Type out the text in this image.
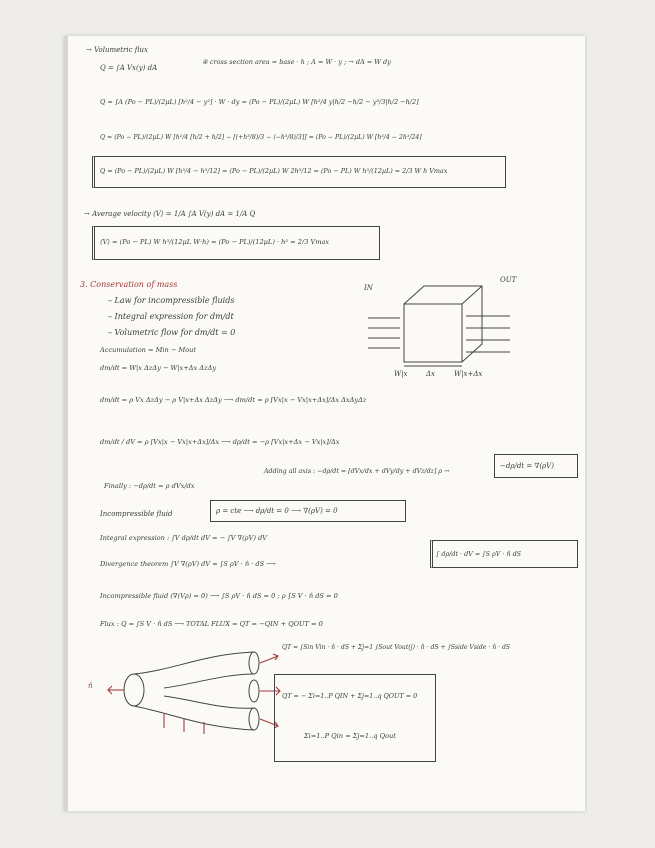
→ Volumetric flux
Q = ∫A Vx(y) dA
④ cross section area = base · h ; A = W · y ; → dA = W dy
Q = ∫A (Po − PL)/(2μL) [h²/4 − y²] · W · dy = (Po − PL)/(2μL) W [h²/4 y|h/2 −h/2 − y³/3|h/2 −h/2]
Q = (Po − PL)/(2μL) W [h²/4 [h/2 + h/2] − [(+h³/8)/3 − (−h³/8)/3]] = (Po − PL)/(2μL) W [h³/4 − 2h³/24]
Q = (Po − PL)/(2μL) W [h³/4 − h³/12] = (Po − PL)/(2μL) W 2h³/12 = (Po − PL) W h³/(12μL) = 2/3 W h Vmax
→ Average velocity ⟨V⟩ = 1/A ∫A V(y) dA = 1/A Q
⟨V⟩ = (Po − PL) W h³/(12μL W·h) = (Po − PL)/(12μL) · h² = 2/3 Vmax
3. Conservation of mass
– Law for incompressible fluids
– Integral expression for dm/dt
– Volumetric flow for dm/dt = 0
IN
OUT
W|x	Δx	W|x+Δx
Accumulation = Min − Mout
dm/dt = W|x ΔzΔy − W|x+Δx ΔzΔy
dm/dt = ρ Vx ΔzΔy − ρ V|x+Δx ΔzΔy ⟶ dm/dt = ρ [Vx|x − Vx|x+Δx]/Δx ΔxΔyΔz
dm/dt / dV = ρ [Vx|x − Vx|x+Δx]/Δx ⟶ dρ/dt = −ρ [Vx|x+Δx − Vx|x]/Δx
Finally : −dρ/dt = ρ dVx/dx
Adding all axis : −dρ/dt = [dVx/dx + dVy/dy + dVz/dz] ρ →
−dρ/dt = ∇(ρV)
Incompressible fluid	ρ = cte ⟶ dρ/dt = 0 ⟶ ∇(ρV) = 0
Integral expression : ∫V dρ/dt dV = − ∫V ∇(ρV) dV
Divergence theorem ∫V ∇(ρV) dV = ∫S ρV · n̂ · dS ⟶
∫ dρ/dt · dV = ∫S ρV · n̂ dS
Incompressible fluid (∇(Vρ) = 0) ⟶ ∫S ρV · n̂ dS = 0 ; ρ ∫S V · n̂ dS = 0
Flux : Q = ∫S V · n̂ dS ⟶ TOTAL FLUX = QT = −QIN + QOUT = 0
n̂
QT = ∫Sin Vin · n̂ · dS + Σj=1 ∫Sout Vout(j) · n̂ · dS + ∫Sside Vside · n̂ · dS
QT = − Σi=1..P QIN + Σj=1..q QOUT = 0
Σi=1..P Qin = Σj=1..q Qout
